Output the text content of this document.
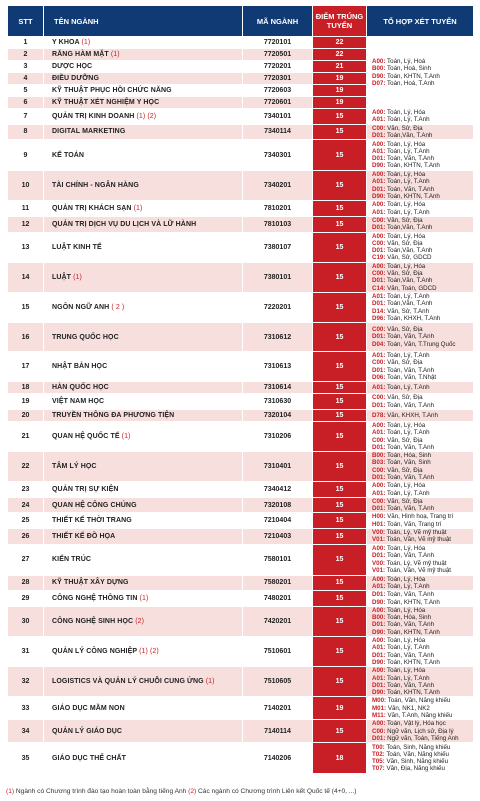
STT	TÊN NGÀNH	MÃ NGÀNH	ĐIỂM TRÚNG
TUYỂN	TỔ HỢP XÉT TUYỂN
1	Y KHOA (1)	7720101	22	A00: Toán, Lý, Hoá
B00: Toán, Hoá, Sinh
D90: Toán, KHTN, T.Anh
D07: Toán, Hoá, T.Anh

2	RĂNG HÀM MẶT (1)	7720501	22	
3	DƯỢC HỌC	7720201	21	
4	ĐIỀU DƯỠNG	7720301	19	
5	KỸ THUẬT PHỤC HỒI CHỨC NĂNG	7720603	19	
6	KỸ THUẬT XÉT NGHIỆM Y HỌC	7720601	19	
7	QUẢN TRỊ KINH DOANH (1) (2)	7340101	15	A00: Toán, Lý, Hóa
A01: Toán, Lý, T.Anh

8	DIGITAL MARKETING	7340114	15	C00: Văn, Sử, Địa
D01: Toán,Văn, T.Anh

9	KẾ TOÁN	7340301	15	A00: Toán, Lý, Hóa
A01: Toán, Lý, T.Anh
D01: Toán, Văn, T.Anh
D90: Toán, KHTN, T.Anh

10	TÀI CHÍNH - NGÂN HÀNG	7340201	15	A00: Toán, Lý, Hóa
A01: Toán, Lý, T.Anh
D01: Toán, Văn, T.Anh
D90: Toán, KHTN, T.Anh

11	QUẢN TRỊ KHÁCH SẠN (1)	7810201	15	A00: Toán, Lý, Hóa
A01: Toán, Lý, T.Anh

12	QUẢN TRỊ DỊCH VỤ DU LỊCH VÀ LỮ HÀNH	7810103	15	C00: Văn, Sử, Địa
D01: Toán,Văn, T.Anh

13	LUẬT KINH TẾ	7380107	15	A00: Toán, Lý, Hóa
C00: Văn, Sử, Địa
D01: Toán,Văn, T.Anh
C19: Văn, Sử, GDCD

14	LUẬT (1)	7380101	15	A00: Toán, Lý, Hóa
C00: Văn, Sử, Địa
D01: Toán,Văn, T.Anh
C14: Văn, Toán, GDCD

15	NGÔN NGỮ ANH ( 2 )	7220201	15	A01: Toán, Lý, T.Anh
D01: Toán,Văn, T.Anh
D14: Văn, Sử, T.Anh
D96: Toán, KHXH, T.Anh

16	TRUNG QUỐC HỌC	7310612	15	C00: Văn, Sử, Địa
D01: Toán, Văn, T.Anh
D04: Toán, Văn, T.Trung Quốc

17	NHẬT BẢN HỌC	7310613	15	A01: Toán, Lý, T.Anh
C00: Văn, Sử, Địa
D01: Toán, Văn, T.Anh
D06: Toán, Văn, T.Nhật

18	HÀN QUỐC HỌC	7310614	15	A01: Toán, Lý, T.Anh

19	VIỆT NAM HỌC	7310630	15	C00: Văn, Sử, Địa
D01: Toán, Văn, T.Anh

20	TRUYỀN THÔNG ĐA PHƯƠNG TIỆN	7320104	15	D78: Văn, KHXH, T.Anh

21	QUAN HỆ QUỐC TẾ (1)	7310206	15	A00: Toán, Lý, Hóa
A01: Toán, Lý, T.Anh
C00: Văn, Sử, Địa
D01: Toán, Văn, T.Anh

22	TÂM LÝ HỌC	7310401	15	B00: Toán, Hóa, Sinh
B03: Toán, Văn, Sinh
C00: Văn, Sử, Địa
D01: Toán, Văn, T.Anh

23	QUẢN TRỊ SỰ KIỆN	7340412	15	A00: Toán, Lý, Hóa
A01: Toán, Lý, T.Anh

24	QUAN HỆ CÔNG CHÚNG	7320108	15	C00: Văn, Sử, Địa
D01: Toán, Văn, T.Anh

25	THIẾT KẾ THỜI TRANG	7210404	15	H00: Văn, Hình hoạ, Trang trí
H01: Toán, Văn, Trang trí

26	THIẾT KẾ ĐỒ HỌA	7210403	15	V00: Toán, Lý, Vẽ mỹ thuật
V01: Toán, Văn, Vẽ mỹ thuật

27	KIẾN TRÚC	7580101	15	A00: Toán, Lý, Hóa
D01: Toán, Văn, T.Anh
V00: Toán, Lý, Vẽ mỹ thuật
V01: Toán, Văn, Vẽ mỹ thuật

28	KỸ THUẬT XÂY DỰNG	7580201	15	A00: Toán, Lý, Hóa
A01: Toán, Lý, T.Anh

29	CÔNG NGHỆ THÔNG TIN (1)	7480201	15	D01: Toán, Văn, T.Anh
D90: Toán, KHTN, T.Anh

30	CÔNG NGHỆ SINH HỌC (2)	7420201	15	A00: Toán, Lý, Hóa
B00: Toán, Hóa, Sinh
D01: Toán, Văn, T.Anh
D90: Toán, KHTN, T.Anh

31	QUẢN LÝ CÔNG NGHIỆP (1) (2)	7510601	15	A00: Toán, Lý, Hóa
A01: Toán, Lý, T.Anh
D01: Toán, Văn, T.Anh
D90: Toán, KHTN, T.Anh

32	LOGISTICS VÀ QUẢN LÝ CHUỖI CUNG ỨNG (1)	7510605	15	A00: Toán, Lý, Hóa
A01: Toán, Lý, T.Anh
D01: Toán, Văn, T.Anh
D90: Toán, KHTN, T.Anh

33	GIÁO DỤC MẦM NON	7140201	19	M00: Toán, Văn, Năng khiếu
M01: Văn, NK1, NK2
M11: Văn, T.Anh, Năng khiếu

34	QUẢN LÝ GIÁO DỤC	7140114	15	A00: Toán, Vật lý, Hóa học
C00: Ngữ văn, Lịch sử, Địa lý
D01: Ngữ văn, Toán, Tiếng Anh

35	GIÁO DỤC THỂ CHẤT	7140206	18	T00: Toán, Sinh, Năng khiếu
T02: Toán, Văn, Năng khiếu
T05: Văn, Sinh, Năng khiếu
T07: Văn, Địa, Năng khiếu
(1) Ngành có Chương trình đào tạo hoàn toàn bằng tiếng Anh (2) Các ngành có Chương trình Liên kết Quốc tế (4+0, ...)
